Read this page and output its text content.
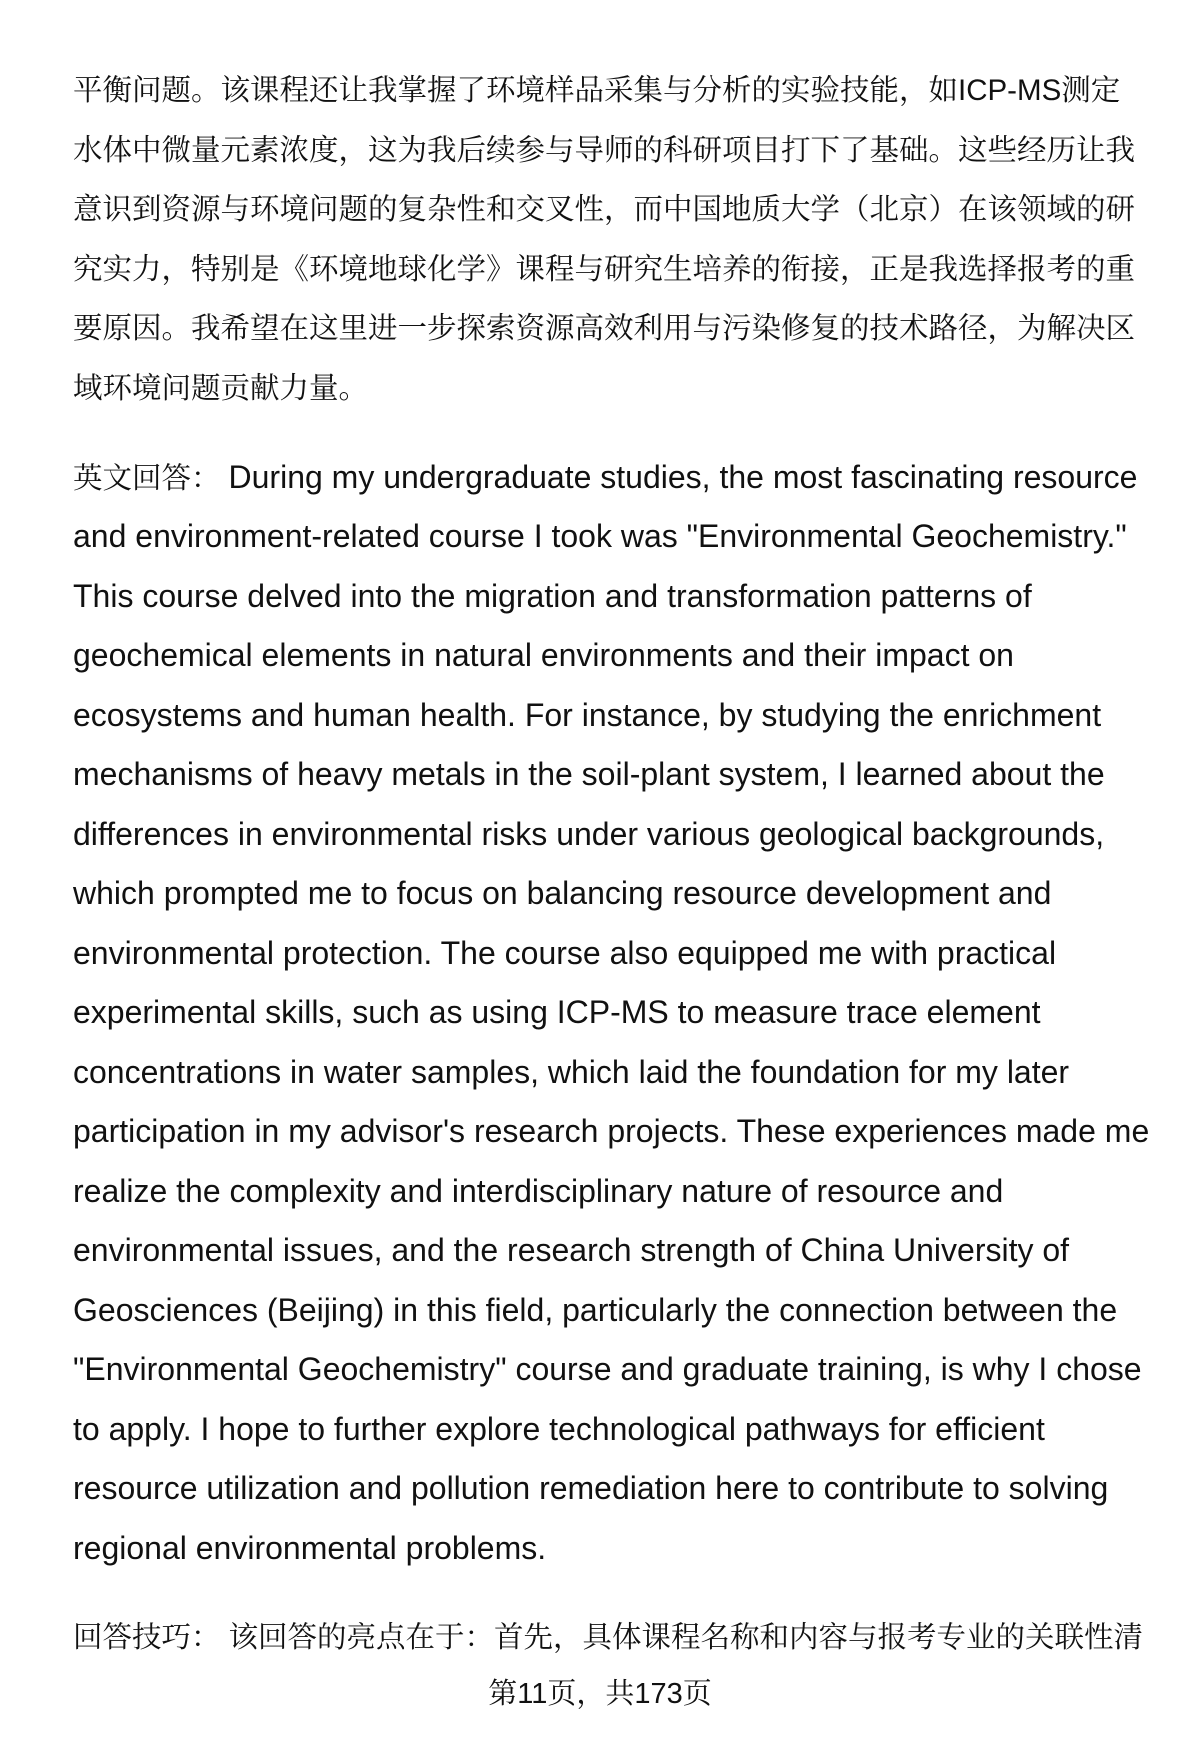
平衡问题。该课程还让我掌握了环境样品采集与分析的实验技能，如ICP-MS测定
水体中微量元素浓度，这为我后续参与导师的科研项目打下了基础。这些经历让我
意识到资源与环境问题的复杂性和交叉性，而中国地质大学（北京）在该领域的研
究实力，特别是《环境地球化学》课程与研究生培养的衔接，正是我选择报考的重
要原因。我希望在这里进一步探索资源高效利用与污染修复的技术路径，为解决区
域环境问题贡献力量。
英文回答： During my undergraduate studies, the most fascinating resource
and environment-related course I took was "Environmental Geochemistry."
This course delved into the migration and transformation patterns of
geochemical elements in natural environments and their impact on
ecosystems and human health. For instance, by studying the enrichment
mechanisms of heavy metals in the soil-plant system, I learned about the
differences in environmental risks under various geological backgrounds,
which prompted me to focus on balancing resource development and
environmental protection. The course also equipped me with practical
experimental skills, such as using ICP-MS to measure trace element
concentrations in water samples, which laid the foundation for my later
participation in my advisor's research projects. These experiences made me
realize the complexity and interdisciplinary nature of resource and
environmental issues, and the research strength of China University of
Geosciences (Beijing) in this field, particularly the connection between the
"Environmental Geochemistry" course and graduate training, is why I chose
to apply. I hope to further explore technological pathways for efficient
resource utilization and pollution remediation here to contribute to solving
regional environmental problems.
回答技巧： 该回答的亮点在于：首先，具体课程名称和内容与报考专业的关联性清
第11页，共173页
